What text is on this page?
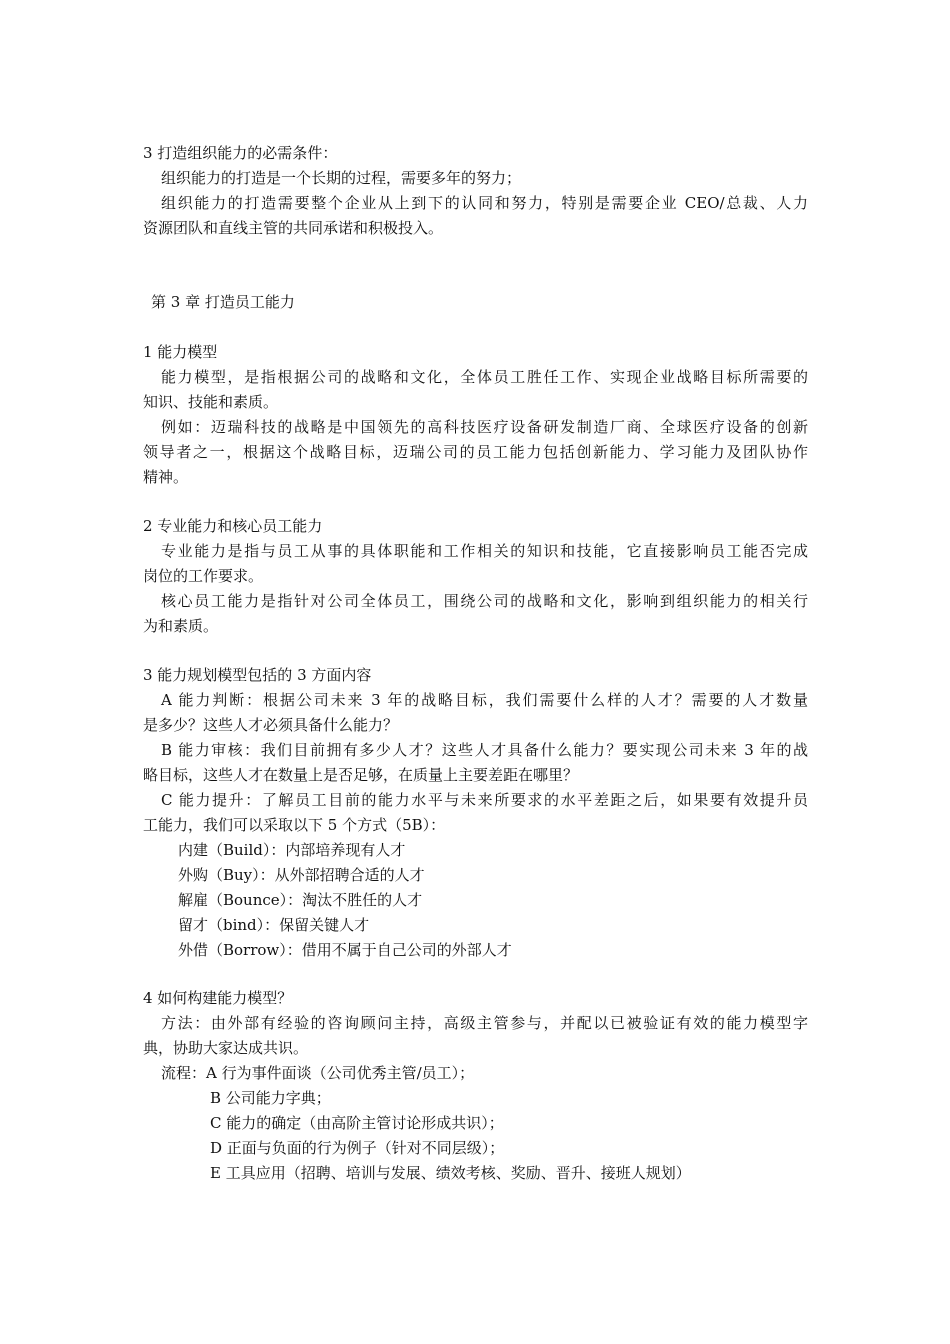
3 打造组织能力的必需条件：
组织能力的打造是一个长期的过程，需要多年的努力；
组织能力的打造需要整个企业从上到下的认同和努力，特别是需要企业 CEO/总裁、人力
资源团队和直线主管的共同承诺和积极投入。
第 3 章 打造员工能力
1 能力模型
能力模型，是指根据公司的战略和文化，全体员工胜任工作、实现企业战略目标所需要的
知识、技能和素质。
例如：迈瑞科技的战略是中国领先的高科技医疗设备研发制造厂商、全球医疗设备的创新
领导者之一，根据这个战略目标，迈瑞公司的员工能力包括创新能力、学习能力及团队协作
精神。
2 专业能力和核心员工能力
专业能力是指与员工从事的具体职能和工作相关的知识和技能，它直接影响员工能否完成
岗位的工作要求。
核心员工能力是指针对公司全体员工，围绕公司的战略和文化，影响到组织能力的相关行
为和素质。
3 能力规划模型包括的 3 方面内容
A 能力判断：根据公司未来 3 年的战略目标，我们需要什么样的人才？需要的人才数量
是多少？这些人才必须具备什么能力？
B 能力审核：我们目前拥有多少人才？这些人才具备什么能力？要实现公司未来 3 年的战
略目标，这些人才在数量上是否足够，在质量上主要差距在哪里？
C 能力提升：了解员工目前的能力水平与未来所要求的水平差距之后，如果要有效提升员
工能力，我们可以采取以下 5 个方式（5B）：
内建（Build）：内部培养现有人才
外购（Buy）：从外部招聘合适的人才
解雇（Bounce）：淘汰不胜任的人才
留才（bind）：保留关键人才
外借（Borrow）：借用不属于自己公司的外部人才
4 如何构建能力模型？
方法：由外部有经验的咨询顾问主持，高级主管参与，并配以已被验证有效的能力模型字
典，协助大家达成共识。
流程：A 行为事件面谈（公司优秀主管/员工）；
B 公司能力字典；
C 能力的确定（由高阶主管讨论形成共识）；
D 正面与负面的行为例子（针对不同层级）；
E 工具应用（招聘、培训与发展、绩效考核、奖励、晋升、接班人规划）
